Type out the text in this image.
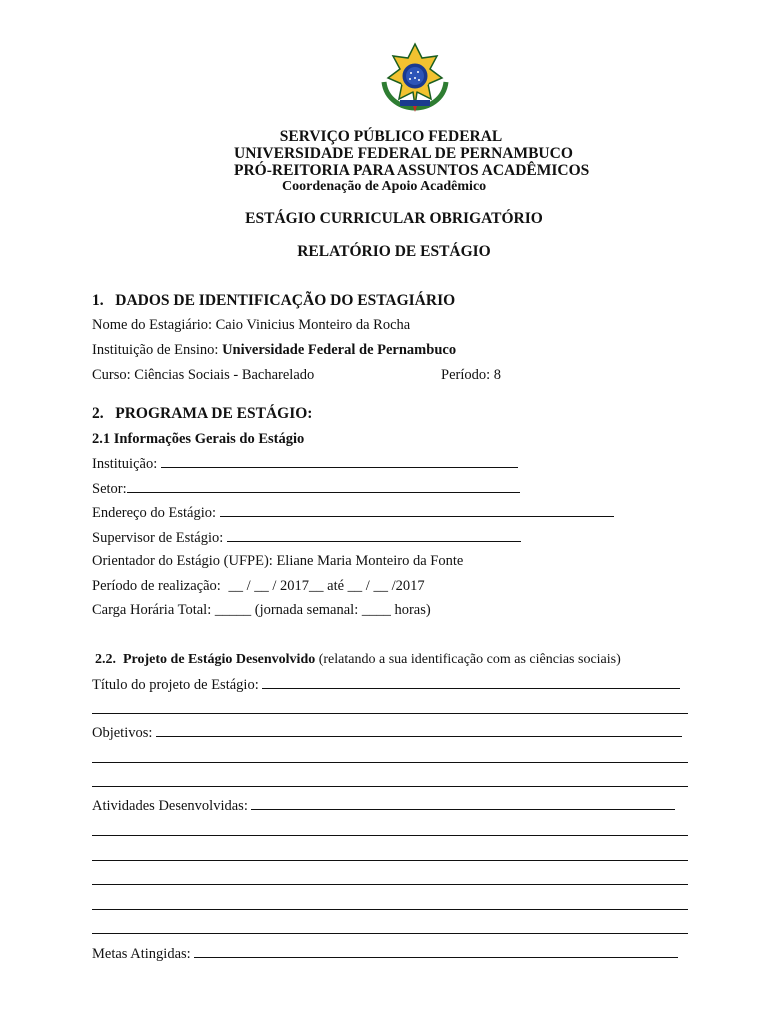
SERVIÇO PÚBLICO FEDERAL
UNIVERSIDADE FEDERAL DE PERNAMBUCO
PRÓ-REITORIA PARA ASSUNTOS ACADÊMICOS
Coordenação de Apoio Acadêmico
ESTÁGIO CURRICULAR OBRIGATÓRIO
RELATÓRIO DE ESTÁGIO
1.   DADOS DE IDENTIFICAÇÃO DO ESTAGIÁRIO
Nome do Estagiário: Caio Vinicius Monteiro da Rocha
Instituição de Ensino: Universidade Federal de Pernambuco
Curso: Ciências Sociais - Bacharelado	Período: 8
2.   PROGRAMA DE ESTÁGIO:
2.1 Informações Gerais do Estágio
Instituição:
Setor:
Endereço do Estágio:
Supervisor de Estágio:
Orientador do Estágio (UFPE): Eliane Maria Monteiro da Fonte
Período de realização: __ / __ / 2017__ até __ / __ /2017
Carga Horária Total: _____ (jornada semanal: ____ horas)
2.2.  Projeto de Estágio Desenvolvido (relatando a sua identificação com as ciências sociais)
Título do projeto de Estágio:
Objetivos:
Atividades Desenvolvidas:
Metas Atingidas:
